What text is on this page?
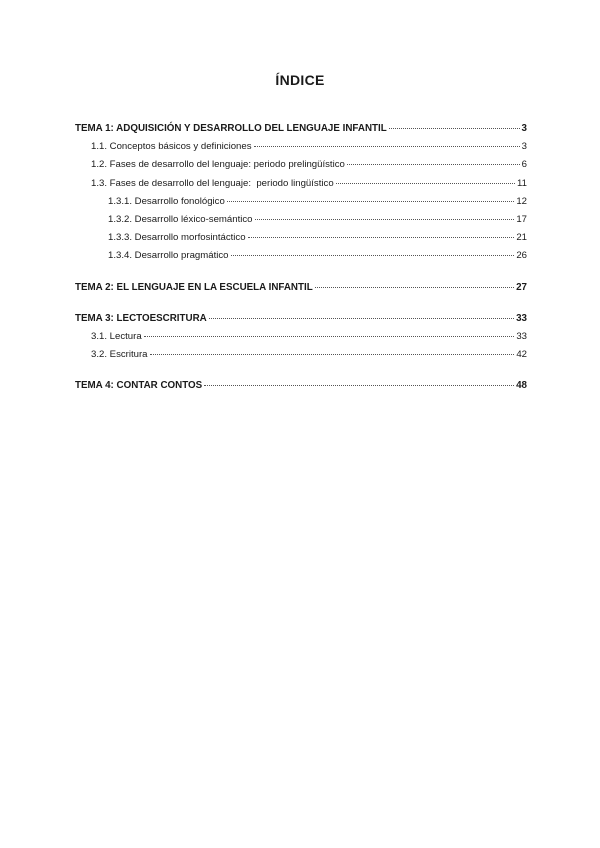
ÍNDICE
TEMA 1: ADQUISICIÓN Y DESARROLLO DEL LENGUAJE INFANTIL	3
1.1. Conceptos básicos y definiciones	3
1.2. Fases de desarrollo del lenguaje: periodo prelingüístico	6
1.3. Fases de desarrollo del lenguaje:  periodo lingüístico	11
1.3.1. Desarrollo fonológico	12
1.3.2. Desarrollo léxico-semántico	17
1.3.3. Desarrollo morfosintáctico	21
1.3.4. Desarrollo pragmático	26
TEMA 2: EL LENGUAJE EN LA ESCUELA INFANTIL	27
TEMA 3: LECTOESCRITURA	33
3.1. Lectura	33
3.2. Escritura	42
TEMA 4: CONTAR CONTOS	48
